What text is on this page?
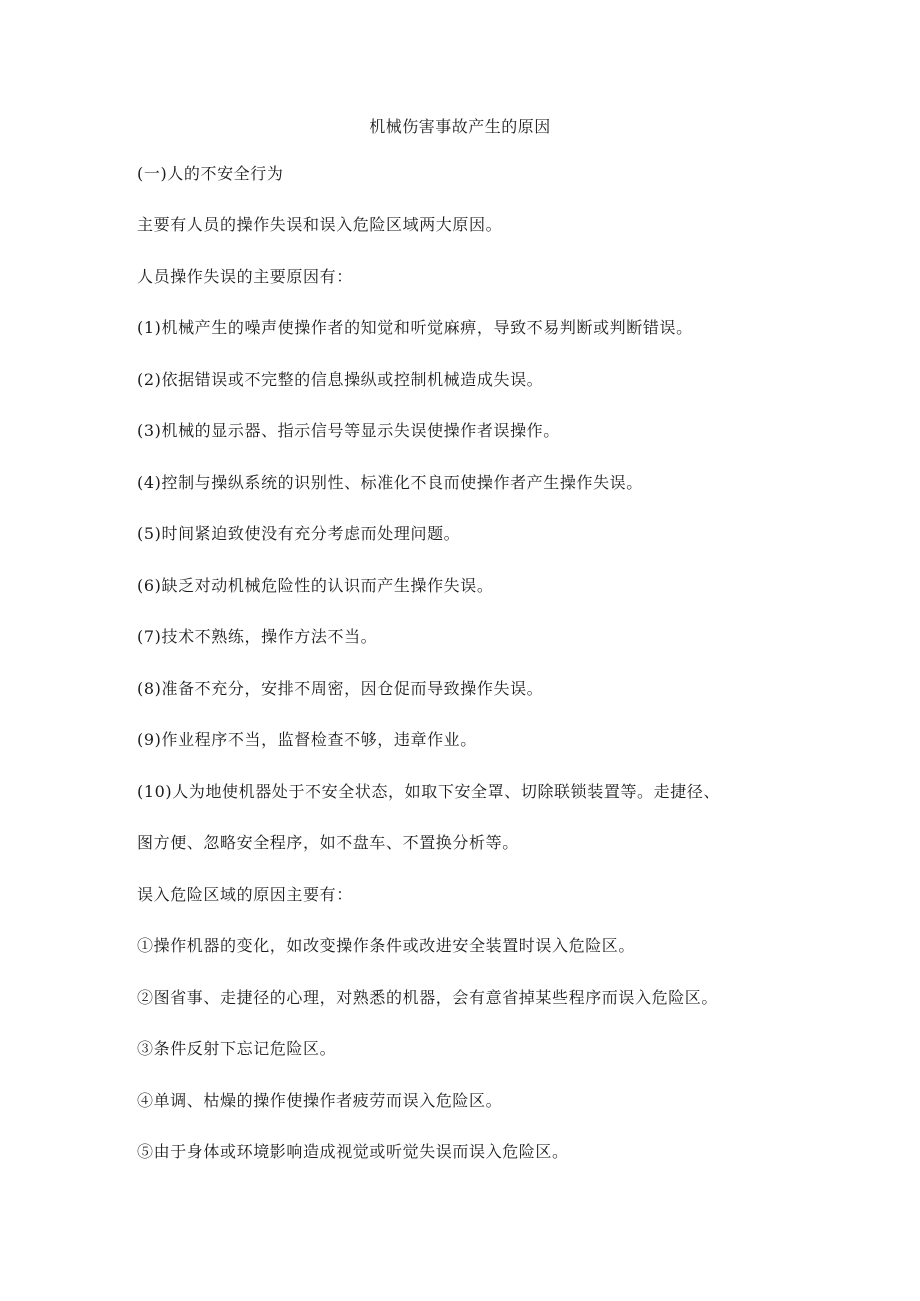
机械伤害事故产生的原因
(一)人的不安全行为
主要有人员的操作失误和误入危险区域两大原因。
人员操作失误的主要原因有：
(1)机械产生的噪声使操作者的知觉和听觉麻痹，导致不易判断或判断错误。
(2)依据错误或不完整的信息操纵或控制机械造成失误。
(3)机械的显示器、指示信号等显示失误使操作者误操作。
(4)控制与操纵系统的识别性、标准化不良而使操作者产生操作失误。
(5)时间紧迫致使没有充分考虑而处理问题。
(6)缺乏对动机械危险性的认识而产生操作失误。
(7)技术不熟练，操作方法不当。
(8)准备不充分，安排不周密，因仓促而导致操作失误。
(9)作业程序不当，监督检查不够，违章作业。
(10)人为地使机器处于不安全状态，如取下安全罩、切除联锁装置等。走捷径、
图方便、忽略安全程序，如不盘车、不置换分析等。
误入危险区域的原因主要有：
①操作机器的变化，如改变操作条件或改进安全装置时误入危险区。
②图省事、走捷径的心理，对熟悉的机器，会有意省掉某些程序而误入危险区。
③条件反射下忘记危险区。
④单调、枯燥的操作使操作者疲劳而误入危险区。
⑤由于身体或环境影响造成视觉或听觉失误而误入危险区。
